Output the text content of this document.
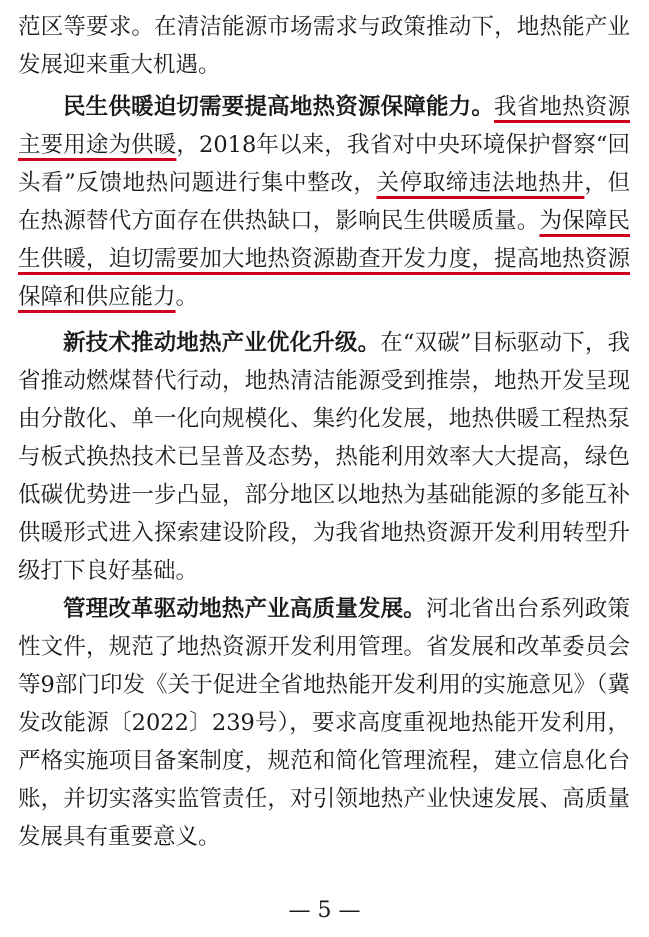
范区等要求。在清洁能源市场需求与政策推动下，地热能产业发展迎来重大机遇。

民生供暖迫切需要提高地热资源保障能力。我省地热资源主要用途为供暖，2018年以来，我省对中央环境保护督察“回头看”反馈地热问题进行集中整改，关停取缔违法地热井，但在热源替代方面存在供热缺口，影响民生供暖质量。为保障民生供暖，迫切需要加大地热资源勘查开发力度，提高地热资源保障和供应能力。

新技术推动地热产业优化升级。在“双碳”目标驱动下，我省推动燃煤替代行动，地热清洁能源受到推崇，地热开发呈现由分散化、单一化向规模化、集约化发展，地热供暖工程热泵与板式换热技术已呈普及态势，热能利用效率大大提高，绿色低碳优势进一步凸显，部分地区以地热为基础能源的多能互补供暖形式进入探索建设阶段，为我省地热资源开发利用转型升级打下良好基础。

管理改革驱动地热产业高质量发展。河北省出台系列政策性文件，规范了地热资源开发利用管理。省发展和改革委员会等9部门印发《关于促进全省地热能开发利用的实施意见》（冀发改能源〔2022〕239号），要求高度重视地热能开发利用，严格实施项目备案制度，规范和简化管理流程，建立信息化台账，并切实落实监管责任，对引领地热产业快速发展、高质量发展具有重要意义。

— 5 —
